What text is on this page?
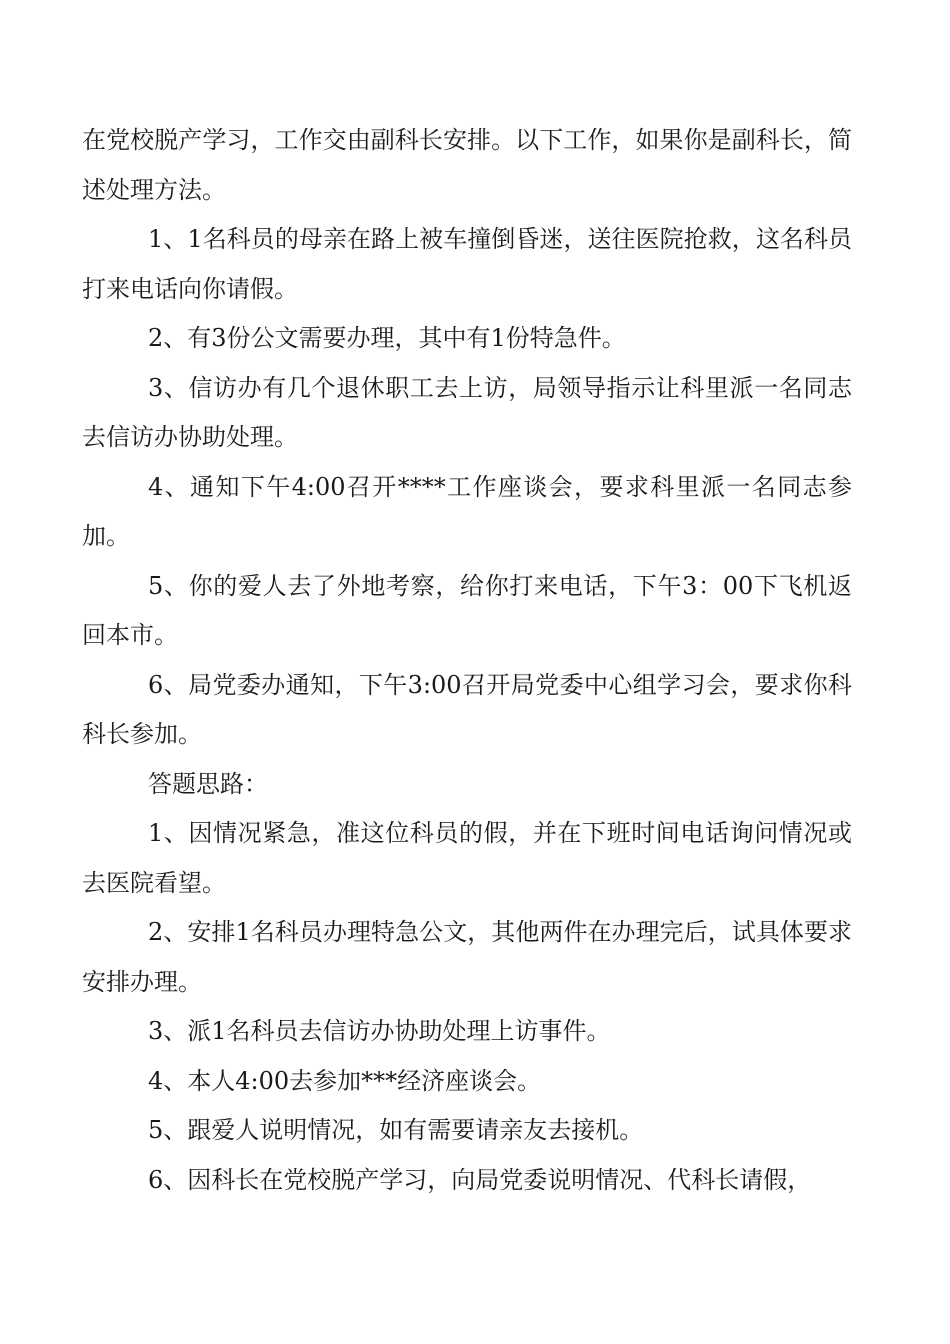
在党校脱产学习，工作交由副科长安排。以下工作，如果你是副科长，简述处理方法。

1、1名科员的母亲在路上被车撞倒昏迷，送往医院抢救，这名科员打来电话向你请假。

2、有3份公文需要办理，其中有1份特急件。

3、信访办有几个退休职工去上访，局领导指示让科里派一名同志去信访办协助处理。

4、通知下午4:00召开****工作座谈会，要求科里派一名同志参加。

5、你的爱人去了外地考察，给你打来电话，下午3：00下飞机返回本市。

6、局党委办通知，下午3:00召开局党委中心组学习会，要求你科科长参加。

答题思路：

1、因情况紧急，准这位科员的假，并在下班时间电话询问情况或去医院看望。

2、安排1名科员办理特急公文，其他两件在办理完后，试具体要求安排办理。

3、派1名科员去信访办协助处理上访事件。

4、本人4:00去参加***经济座谈会。

5、跟爱人说明情况，如有需要请亲友去接机。

6、因科长在党校脱产学习，向局党委说明情况、代科长请假，
